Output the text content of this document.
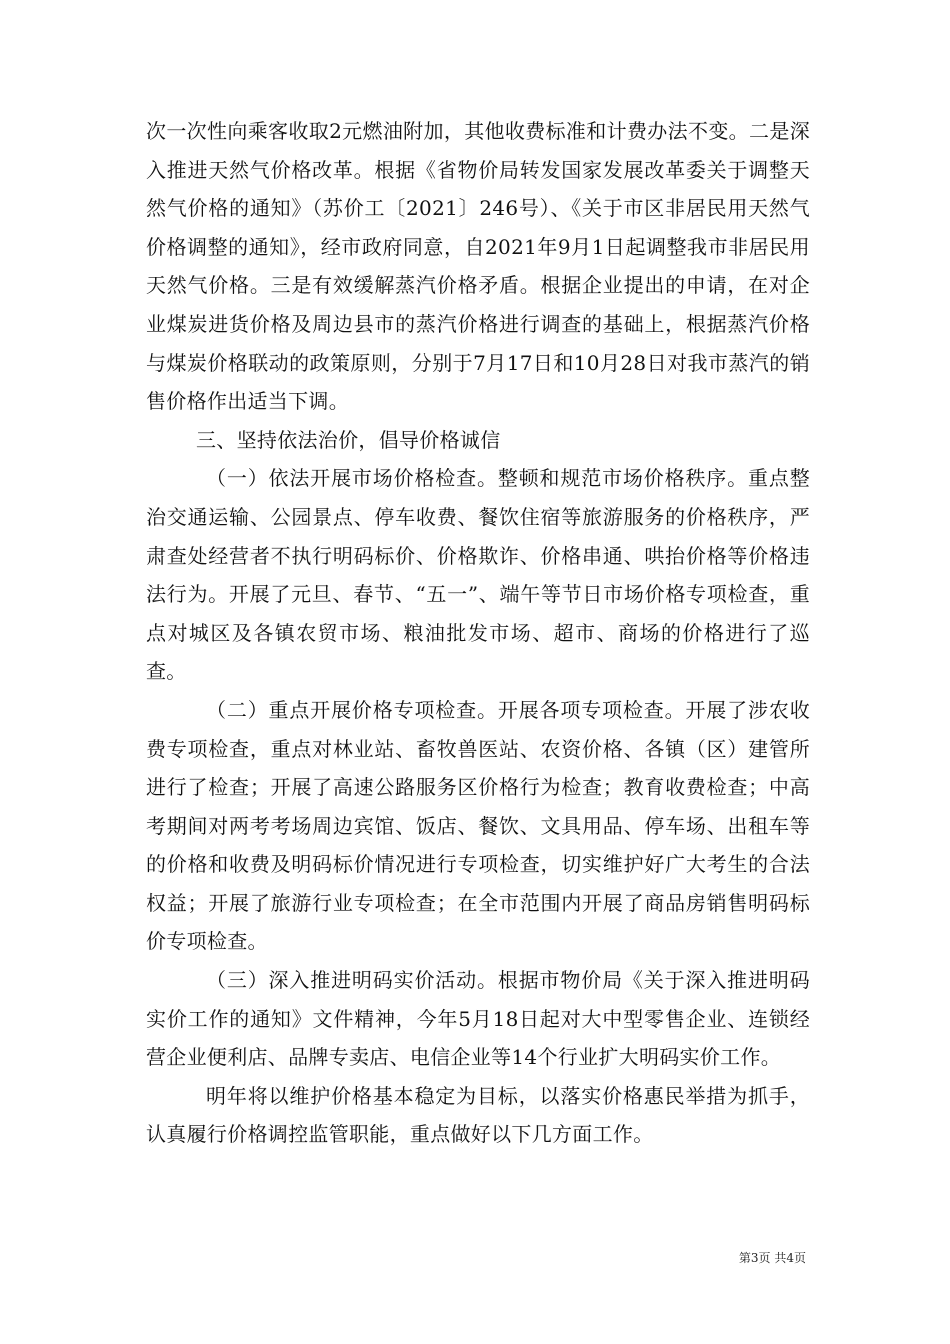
次一次性向乘客收取2元燃油附加，其他收费标准和计费办法不变。二是深入推进天然气价格改革。根据《省物价局转发国家发展改革委关于调整天然气价格的通知》（苏价工〔2021〕246号）、《关于市区非居民用天然气价格调整的通知》，经市政府同意，自2021年9月1日起调整我市非居民用天然气价格。三是有效缓解蒸汽价格矛盾。根据企业提出的申请，在对企业煤炭进货价格及周边县市的蒸汽价格进行调查的基础上，根据蒸汽价格与煤炭价格联动的政策原则，分别于7月17日和10月28日对我市蒸汽的销售价格作出适当下调。

三、坚持依法治价，倡导价格诚信

（一）依法开展市场价格检查。整顿和规范市场价格秩序。重点整治交通运输、公园景点、停车收费、餐饮住宿等旅游服务的价格秩序，严肃查处经营者不执行明码标价、价格欺诈、价格串通、哄抬价格等价格违法行为。开展了元旦、春节、“五一”、端午等节日市场价格专项检查，重点对城区及各镇农贸市场、粮油批发市场、超市、商场的价格进行了巡查。

（二）重点开展价格专项检查。开展各项专项检查。开展了涉农收费专项检查，重点对林业站、畜牧兽医站、农资价格、各镇（区）建管所进行了检查；开展了高速公路服务区价格行为检查；教育收费检查；中高考期间对两考考场周边宾馆、饭店、餐饮、文具用品、停车场、出租车等的价格和收费及明码标价情况进行专项检查，切实维护好广大考生的合法权益；开展了旅游行业专项检查；在全市范围内开展了商品房销售明码标价专项检查。

（三）深入推进明码实价活动。根据市物价局《关于深入推进明码实价工作的通知》文件精神，今年5月18日起对大中型零售企业、连锁经营企业便利店、品牌专卖店、电信企业等14个行业扩大明码实价工作。

明年将以维护价格基本稳定为目标，以落实价格惠民举措为抓手，认真履行价格调控监管职能，重点做好以下几方面工作。

第3页 共4页
